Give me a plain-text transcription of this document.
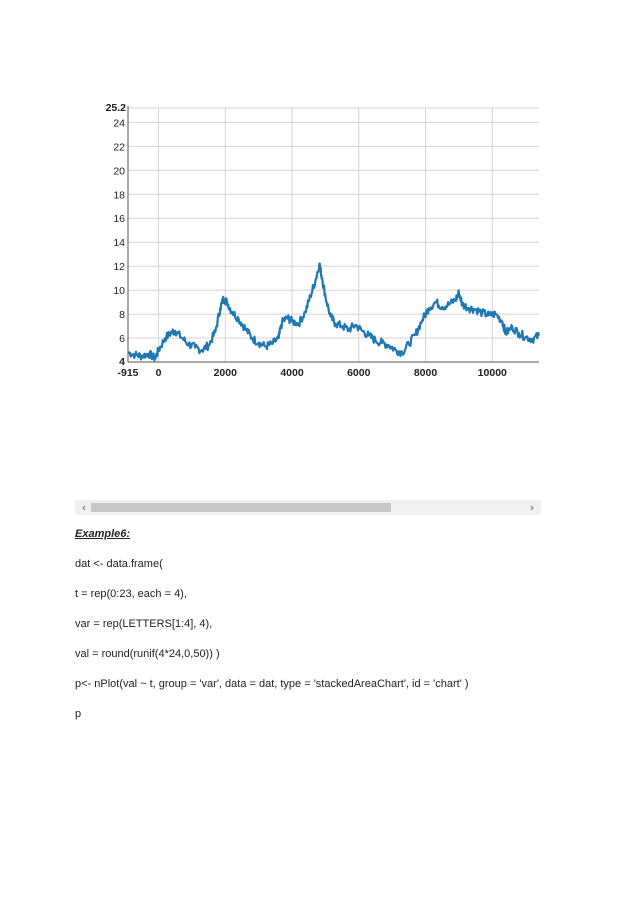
6
8
10
12
14
16
18
20
22
24
0	2000	4000	6000	8000	10000
25.2
4
-915
‹	›
Example6:
dat <- data.frame(
t = rep(0:23, each = 4),
var = rep(LETTERS[1:4], 4),
val = round(runif(4*24,0,50)) )
p<- nPlot(val ~ t, group = 'var', data = dat, type = 'stackedAreaChart', id = 'chart' )
p
